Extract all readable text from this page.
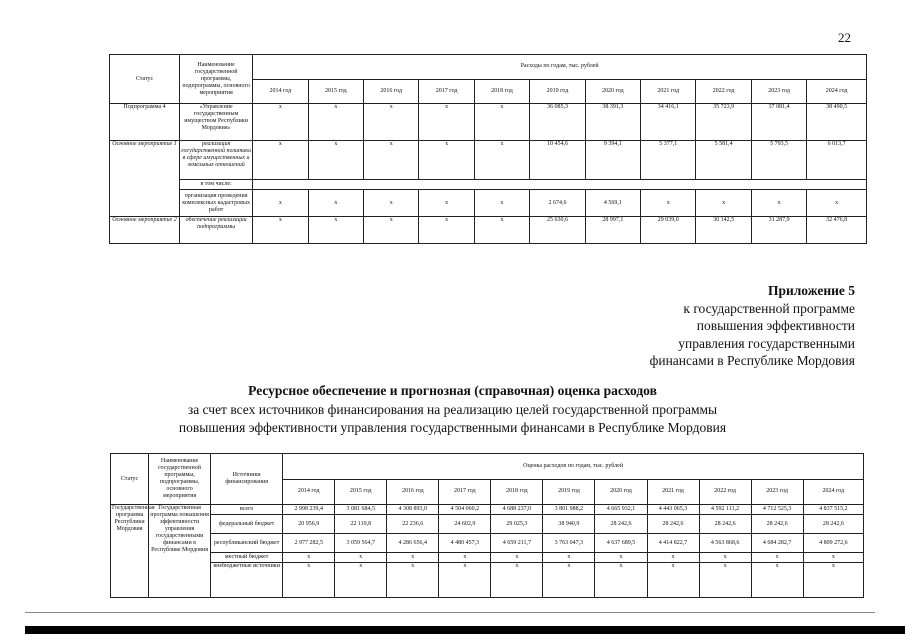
22
Статус	Наименование государственной программы, подпрограммы, основного мероприятия	Расходы по годам, тыс. рублей										
		2014 год	2015 год	2016 год	2017 год	2018 год	2019 год	2020 год	2021 год	2022 год	2023 год	2024 год
Подпрограмма 4	«Управление государственным имуществом Республики Мордовия»	х	х	х	х	х	36 085,3	38 391,3	34 416,1	35 723,9	37 081,4	38 490,5
Основное мероприятие 1	реализация государственной политики в сфере имущественных и земельных отношений	х	х	х	х	х	10 454,6	9 394,1	5 377,1	5 581,4	5 793,5	6 013,7
	в том числе:											
	организация проведения комплексных кадастровых работ	х	х	х	х	х	2 674,6	4 569,1	х	х	х	х
Основное мероприятие 2	обеспечение реализации подпрограммы	х	х	х	х	х	25 630,6	28 997,1	29 039,0	30 142,5	31 287,9	32 476,8
Приложение 5
к государственной программе
повышения эффективности
управления государственными
финансами в Республике Мордовия
Ресурсное обеспечение и прогнозная (справочная) оценка расходов
за счет всех источников финансирования на реализацию целей государственной программы
повышения эффективности управления государственными финансами в Республике Мордовия
Статус	Наименование государственной программы, подпрограммы, основного мероприятия	Источники финансирования	Оценка расходов по годам, тыс. рублей										
			2014 год	2015 год	2016 год	2017 год	2018 год	2019 год	2020 год	2021 год	2022 год	2023 год	2024 год
Государственная программа Республики Мордовия	Государственная программа повышения эффективности управления государственными финансами в Республике Мордовия	всего	2 998 239,4	3 081 684,5	4 308 893,0	4 504 060,2	4 688 237,0	3 801 988,2	4 665 932,1	4 443 065,3	4 592 111,2	4 712 525,3	4 837 515,2
		федеральный бюджет	20 956,9	22 119,8	22 236,6	24 602,9	29 025,3	38 940,9	28 242,6	28 242,6	28 242,6	28 242,6	28 242,6
		республиканский бюджет	2 977 282,5	3 059 564,7	4 286 656,4	4 480 457,3	4 659 211,7	3 763 047,3	4 637 689,5	4 414 822,7	4 563 868,6	4 684 282,7	4 809 272,6
		местный бюджет	х	х	х	х	х	х	х	х	х	х	х
		внебюджетные источники	х	х	х	х	х	х	х	х	х	х	х
